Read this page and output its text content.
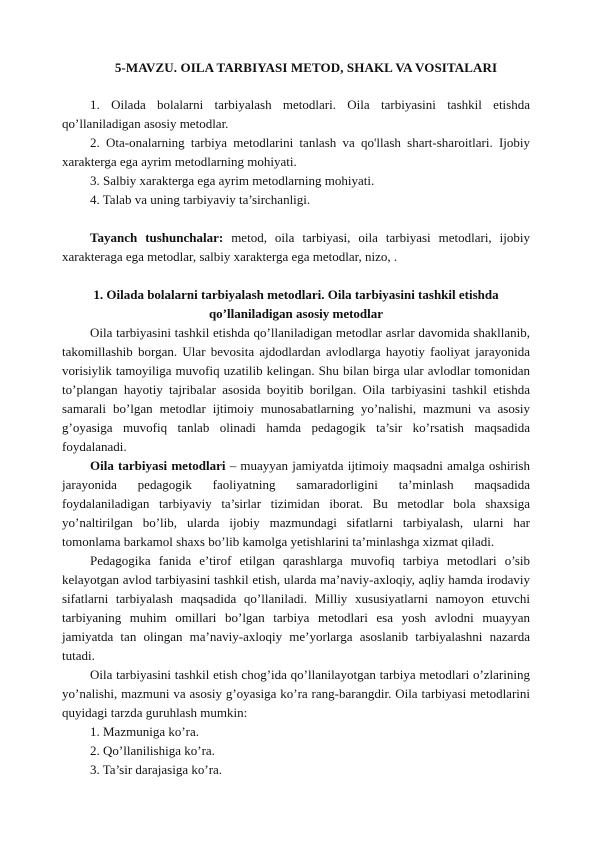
5-MAVZU. OILA TARBIYASI METOD, SHAKL VA VOSITALARI

1. Oilada bolalarni tarbiyalash metodlari. Oila tarbiyasini tashkil etishda qo’llaniladigan asosiy metodlar.

2. Ota-onalarning tarbiya metodlarini tanlash va qo'llash shart-sharoitlari. Ijobiy xarakterga ega ayrim metodlarning mohiyati.

3. Salbiy xarakterga ega ayrim metodlarning mohiyati.

4. Talab va uning tarbiyaviy ta’sirchanligi.

Tayanch tushunchalar: metod, oila tarbiyasi, oila tarbiyasi metodlari, ijobiy xarakteraga ega metodlar, salbiy xarakterga ega metodlar, nizo, .

1. Oilada bolalarni tarbiyalash metodlari. Oila tarbiyasini tashkil etishda qo’llaniladigan asosiy metodlar

Oila tarbiyasini tashkil etishda qo’llaniladigan metodlar asrlar davomida shakllanib, takomillashib borgan. Ular bevosita ajdodlardan avlodlarga hayotiy faoliyat jarayonida vorisiylik tamoyiliga muvofiq uzatilib kelingan. Shu bilan birga ular avlodlar tomonidan to’plangan hayotiy tajribalar asosida boyitib borilgan. Oila tarbiyasini tashkil etishda samarali bo’lgan metodlar ijtimoiy munosabatlarning yo’nalishi, mazmuni va asosiy g’oyasiga muvofiq tanlab olinadi hamda pedagogik ta’sir ko’rsatish maqsadida foydalanadi.

Oila tarbiyasi metodlari – muayyan jamiyatda ijtimoiy maqsadni amalga oshirish jarayonida pedagogik faoliyatning samaradorligini ta’minlash maqsadida foydalaniladigan tarbiyaviy ta’sirlar tizimidan iborat. Bu metodlar bola shaxsiga yo’naltirilgan bo’lib, ularda ijobiy mazmundagi sifatlarni tarbiyalash, ularni har tomonlama barkamol shaxs bo’lib kamolga yetishlarini ta’minlashga xizmat qiladi.

Pedagogika fanida e’tirof etilgan qarashlarga muvofiq tarbiya metodlari o’sib kelayotgan avlod tarbiyasini tashkil etish, ularda ma’naviy-axloqiy, aqliy hamda irodaviy sifatlarni tarbiyalash maqsadida qo’llaniladi. Milliy xususiyatlarni namoyon etuvchi tarbiyaning muhim omillari bo’lgan tarbiya metodlari esa yosh avlodni muayyan jamiyatda tan olingan ma’naviy-axloqiy me’yorlarga asoslanib tarbiyalashni nazarda tutadi.

Oila tarbiyasini tashkil etish chog’ida qo’llanilayotgan tarbiya metodlari o’zlarining yo’nalishi, mazmuni va asosiy g’oyasiga ko’ra rang-barangdir. Oila tarbiyasi metodlarini quyidagi tarzda guruhlash mumkin:

1. Mazmuniga ko’ra.

2. Qo’llanilishiga ko’ra.

3. Ta’sir darajasiga ko’ra.
